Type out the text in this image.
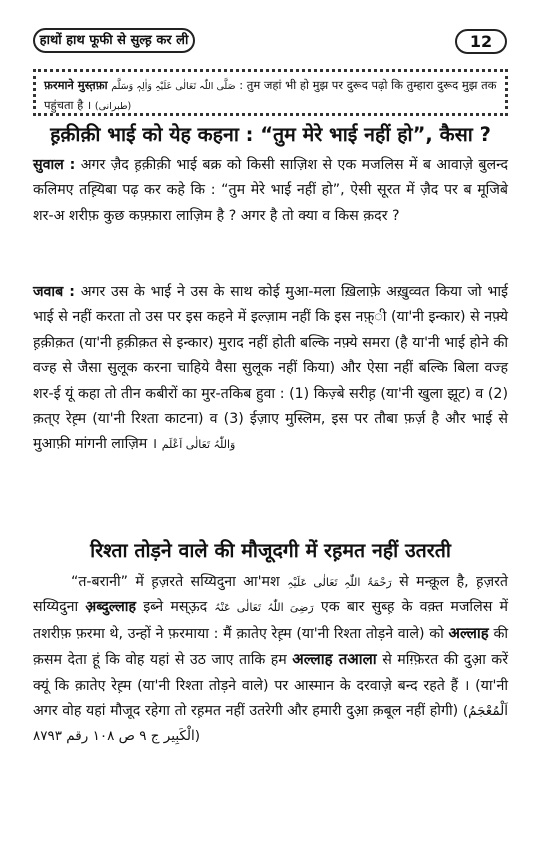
हाथों हाथ फूफी से सुल्ह़ कर ली	12
फ़रमाने मुस्त़फ़ा صَلَّی اللّٰہ تَعَالٰی عَلَیْہِ وَاٰلِہٖ وَسَلَّم : तुम जहां भी हो मुझ पर दुरूद पढ़ो कि तुम्हारा दुरूद मुझ तक पहुंचता है । (طبرانی)
ह़क़ीक़ी भाई को येह कहना : “तुम मेरे भाई नहीं हो”, कैसा ?
सुवाल : अगर ज़ैद ह़क़ीक़ी भाई बक्र को किसी साज़िश से एक मजलिस में ब आवाज़े बुलन्द कलिमए तह़्यिबा पढ़ कर कहे कि : “तुम मेरे भाई नहीं हो”, ऐसी सूरत में ज़ैद पर ब मूजिबे शर-अ शरीफ़ कुछ कफ़्फ़ारा लाज़िम है ? अगर है तो क्या व किस क़दर ?
जवाब : अगर उस के भाई ने उस के साथ कोई मुआ-मला ख़िलाफ़े अख़ुव्वत किया जो भाई भाई से नहीं करता तो उस पर इस कहने में इल्ज़ाम नहीं कि इस नफ़्ी (या'नी इन्कार) से नफ़्ये ह़क़ीक़त (या'नी ह़क़ीक़त से इन्कार) मुराद नहीं होती बल्कि नफ़्ये समरा (है या'नी भाई होने की वज्ह से जैसा सुलूक करना चाहिये वैसा सुलूक नहीं किया) और ऐसा नहीं बल्कि बिला वज्ह शर-ई यूं कहा तो तीन कबीरों का मुर-तकिब हुवा : (1) किज़्बे सरीह़ (या'नी खुला झूट) व (2) क़त्ए रेह़्म (या'नी रिश्ता काटना) व (3) ईज़ाए मुस्लिम, इस पर तौबा फ़र्ज़ है और भाई से मुआफ़ी मांगनी लाज़िम । وَاللّٰہُ تَعَالٰی اَعْلَم
रिश्ता तोड़ने वाले की मौजूदगी में रह़मत नहीं उतरती
“त-बरानी” में ह़ज़रते सय्यिदुना आ'मश رَحْمَۃُ اللّٰہِ تَعَالٰی عَلَیْہِ से मन्क़ूल है, ह़ज़रते सय्यिदुना अ़ब्दुल्लाह इब्ने मस्ऊ़द رَضِیَ اللّٰہُ تَعَالٰی عَنْہُ एक बार सुब्ह़ के वक़्त मजलिस में तशरीफ़ फ़रमा थे, उन्हों ने फ़रमाया : मैं क़ातेए रेह़्म (या'नी रिश्ता तोड़ने वाले) को अल्लाह की क़सम देता हूं कि वोह यहां से उठ जाए ताकि हम अल्लाह तआला से मग़्फ़िरत की दुआ़ करें क्यूं कि क़ातेए रेह़्म (या'नी रिश्ता तोड़ने वाले) पर आस्मान के दरवाज़े बन्द रहते हैं । (या'नी अगर वोह यहां मौजूद रहेगा तो रह़मत नहीं उतरेगी और हमारी दुआ़ क़बूल नहीं होगी) (اَلْمُعْجَمُ الْکَبِیر ج ۹ ص ۱۰۸ رقم ۸۷۹۳)
